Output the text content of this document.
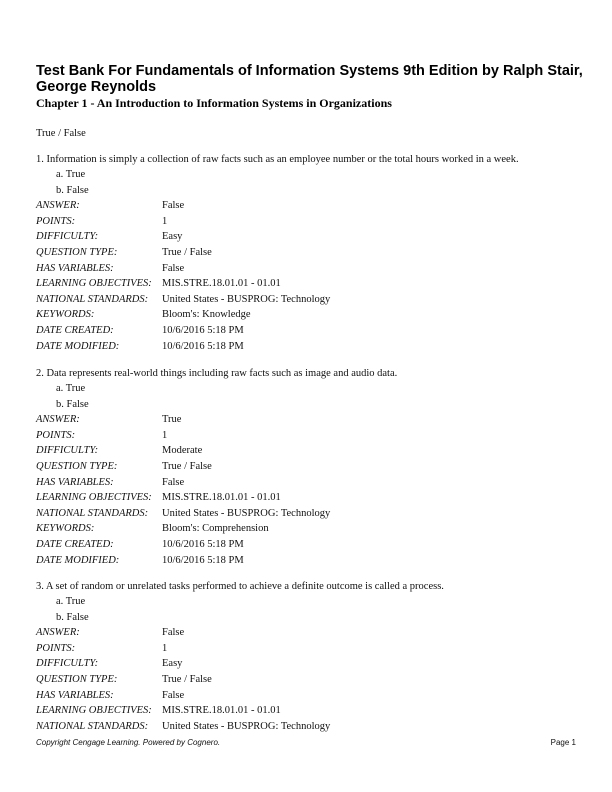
Test Bank For Fundamentals of Information Systems 9th Edition by Ralph Stair, George Reynolds
Chapter 1 - An Introduction to Information Systems in Organizations
True / False
1. Information is simply a collection of raw facts such as an employee number or the total hours worked in a week.
a. True
b. False
ANSWER:	False
POINTS:	1
DIFFICULTY:	Easy
QUESTION TYPE:	True / False
HAS VARIABLES:	False
LEARNING OBJECTIVES: MIS.STRE.18.01.01 - 01.01
NATIONAL STANDARDS:	United States - BUSPROG: Technology
KEYWORDS:	Bloom's: Knowledge
DATE CREATED:	10/6/2016 5:18 PM
DATE MODIFIED:	10/6/2016 5:18 PM
2. Data represents real-world things including raw facts such as image and audio data.
a. True
b. False
ANSWER:	True
POINTS:	1
DIFFICULTY:	Moderate
QUESTION TYPE:	True / False
HAS VARIABLES:	False
LEARNING OBJECTIVES: MIS.STRE.18.01.01 - 01.01
NATIONAL STANDARDS:	United States - BUSPROG: Technology
KEYWORDS:	Bloom's: Comprehension
DATE CREATED:	10/6/2016 5:18 PM
DATE MODIFIED:	10/6/2016 5:18 PM
3. A set of random or unrelated tasks performed to achieve a definite outcome is called a process.
a. True
b. False
ANSWER:	False
POINTS:	1
DIFFICULTY:	Easy
QUESTION TYPE:	True / False
HAS VARIABLES:	False
LEARNING OBJECTIVES: MIS.STRE.18.01.01 - 01.01
NATIONAL STANDARDS:	United States - BUSPROG: Technology
Copyright Cengage Learning. Powered by Cognero.	Page 1
